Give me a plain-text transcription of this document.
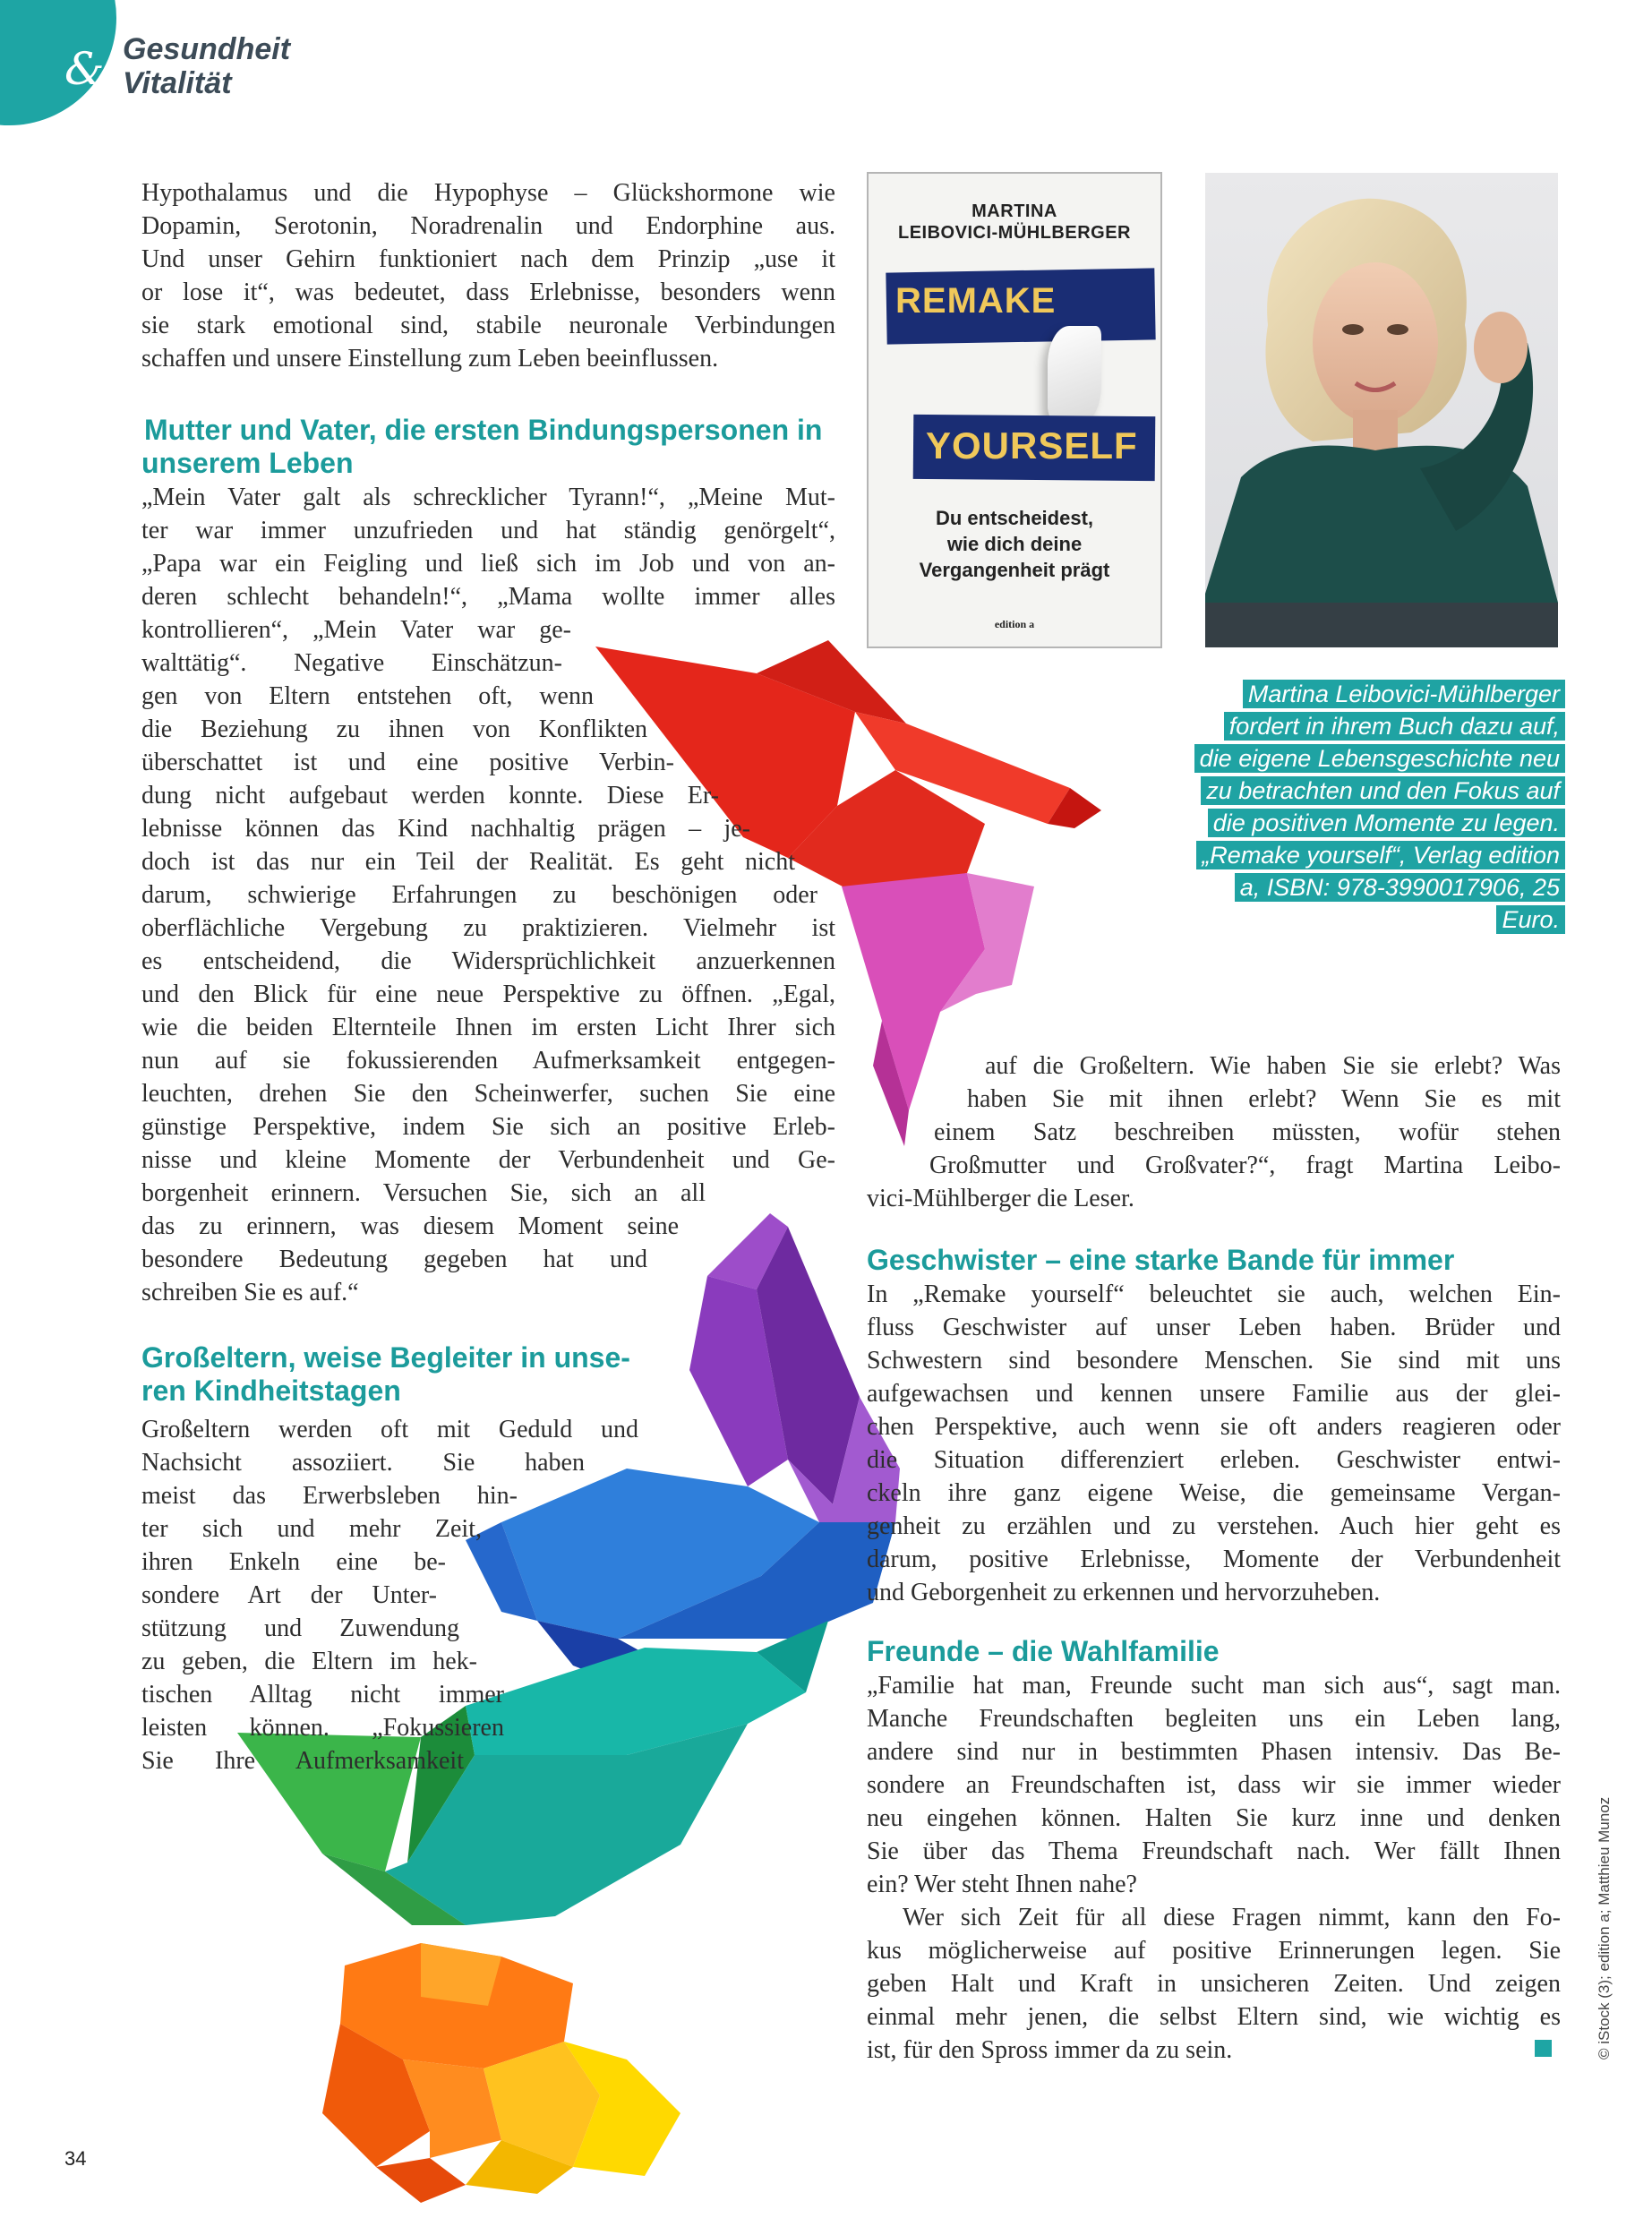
& Gesundheit
Vitalität
Hypothalamus und die Hypophyse – Glückshormone wie
Dopamin, Serotonin, Noradrenalin und Endorphine aus.
Und unser Gehirn funktioniert nach dem Prinzip „use it
or lose it“, was bedeutet, dass Erlebnisse, besonders wenn
sie stark emotional sind, stabile neuronale Verbindungen
schaffen und unsere Einstellung zum Leben beeinflussen.
Mutter und Vater, die ersten Bindungspersonen in
unserem Leben
„Mein Vater galt als schrecklicher Tyrann!“, „Meine Mut-
ter war immer unzufrieden und hat ständig genörgelt“,
„Papa war ein Feigling und ließ sich im Job und von an-
deren schlecht behandeln!“, „Mama wollte immer alles
kontrollieren“, „Mein Vater war ge-
walttätig“. Negative Einschätzun-
gen von Eltern entstehen oft, wenn
die Beziehung zu ihnen von Konflikten
überschattet ist und eine positive Verbin-
dung nicht aufgebaut werden konnte. Diese Er-
lebnisse können das Kind nachhaltig prägen – je-
doch ist das nur ein Teil der Realität. Es geht nicht
darum, schwierige Erfahrungen zu beschönigen oder
oberflächliche Vergebung zu praktizieren. Vielmehr ist
es entscheidend, die Widersprüchlichkeit anzuerkennen
und den Blick für eine neue Perspektive zu öffnen. „Egal,
wie die beiden Elternteile Ihnen im ersten Licht Ihrer sich
nun auf sie fokussierenden Aufmerksamkeit entgegen-
leuchten, drehen Sie den Scheinwerfer, suchen Sie eine
günstige Perspektive, indem Sie sich an positive Erleb-
nisse und kleine Momente der Verbundenheit und Ge-
borgenheit erinnern. Versuchen Sie, sich an all
das zu erinnern, was diesem Moment seine
besondere Bedeutung gegeben hat und
schreiben Sie es auf.“
Großeltern, weise Begleiter in unse-
ren Kindheitstagen
Großeltern werden oft mit Geduld und
Nachsicht assoziiert. Sie haben
meist das Erwerbsleben hin-
ter sich und mehr Zeit,
ihren Enkeln eine be-
sondere Art der Unter-
stützung und Zuwendung
zu geben, die Eltern im hek-
tischen Alltag nicht immer
leisten können. „Fokussieren
Sie Ihre Aufmerksamkeit
MARTINA
LEIBOVICI-MÜHLBERGER
REMAKE
YOURSELF
Du entscheidest,
wie dich deine
Vergangenheit prägt
edition a
Martina Leibovici-Mühlberger
fordert in ihrem Buch dazu auf,
die eigene Lebensgeschichte neu
zu betrachten und den Fokus auf
die positiven Momente zu legen.
„Remake yourself“, Verlag edition
a, ISBN: 978-3990017906, 25 Euro.
auf die Großeltern. Wie haben Sie sie erlebt? Was
haben Sie mit ihnen erlebt? Wenn Sie es mit
einem Satz beschreiben müssten, wofür stehen
Großmutter und Großvater?“, fragt Martina Leibo-
vici-Mühlberger die Leser.
Geschwister – eine starke Bande für immer
In „Remake yourself“ beleuchtet sie auch, welchen Ein-
fluss Geschwister auf unser Leben haben. Brüder und
Schwestern sind besondere Menschen. Sie sind mit uns
aufgewachsen und kennen unsere Familie aus der glei-
chen Perspektive, auch wenn sie oft anders reagieren oder
die Situation differenziert erleben. Geschwister entwi-
ckeln ihre ganz eigene Weise, die gemeinsame Vergan-
genheit zu erzählen und zu verstehen. Auch hier geht es
darum, positive Erlebnisse, Momente der Verbundenheit
und Geborgenheit zu erkennen und hervorzuheben.
Freunde – die Wahlfamilie
„Familie hat man, Freunde sucht man sich aus“, sagt man.
Manche Freundschaften begleiten uns ein Leben lang,
andere sind nur in bestimmten Phasen intensiv. Das Be-
sondere an Freundschaften ist, dass wir sie immer wieder
neu eingehen können. Halten Sie kurz inne und denken
Sie über das Thema Freundschaft nach. Wer fällt Ihnen
ein? Wer steht Ihnen nahe?
Wer sich Zeit für all diese Fragen nimmt, kann den Fo-
kus möglicherweise auf positive Erinnerungen legen. Sie
geben Halt und Kraft in unsicheren Zeiten. Und zeigen
einmal mehr jenen, die selbst Eltern sind, wie wichtig es
ist, für den Spross immer da zu sein.
34
© iStock (3); edition a; Matthieu Munoz
